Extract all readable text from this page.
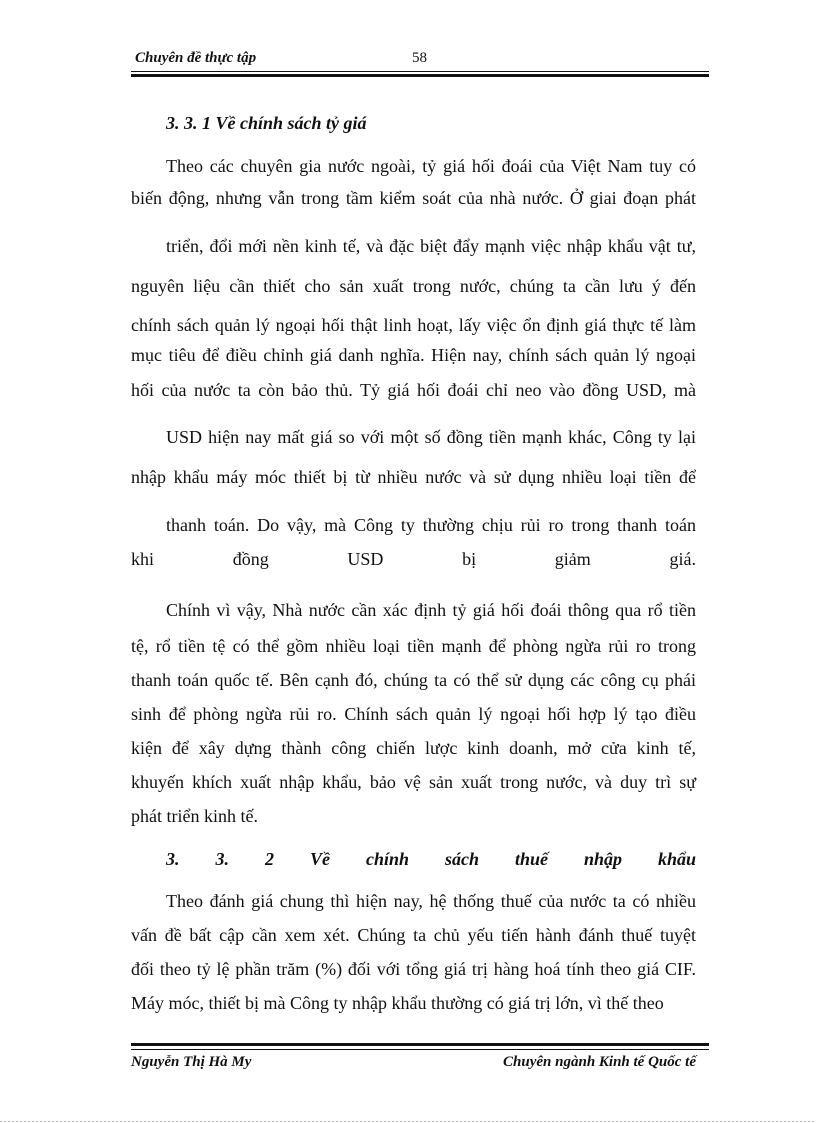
Chuyên đề thực tập	58
3. 3. 1 Về chính sách tỷ giá
Theo các chuyên gia nước ngoài, tỷ giá hối đoái của Việt Nam tuy có
biến động, nhưng vẫn trong tầm kiểm soát của nhà nước. Ở giai đoạn phát
triển, đổi mới nền kinh tế, và đặc biệt đẩy mạnh việc nhập khẩu vật tư,
nguyên liệu cần thiết cho sản xuất trong nước, chúng ta cần lưu ý đến
chính sách quản lý ngoại hối thật linh hoạt, lấy việc ổn định giá thực tế làm
mục tiêu để điều chỉnh giá danh nghĩa. Hiện nay, chính sách quản lý ngoại
hối của nước ta còn bảo thủ. Tỷ giá hối đoái chỉ neo vào đồng USD, mà
USD hiện nay mất giá so với một số đồng tiền mạnh khác, Công ty lại
nhập khẩu máy móc thiết bị từ nhiều nước và sử dụng nhiều loại tiền để
thanh toán. Do vậy, mà Công ty thường chịu rủi ro trong thanh toán
khi đồng USD bị giảm giá.
Chính vì vậy, Nhà nước cần xác định tỷ giá hối đoái thông qua rổ tiền
tệ, rổ tiền tệ có thể gồm nhiều loại tiền mạnh để phòng ngừa rủi ro trong
thanh toán quốc tế. Bên cạnh đó, chúng ta có thể sử dụng các công cụ phái
sinh để phòng ngừa rủi ro. Chính sách quản lý ngoại hối hợp lý tạo điều
kiện để xây dựng thành công chiến lược kinh doanh, mở cửa kinh tế,
khuyến khích xuất nhập khẩu, bảo vệ sản xuất trong nước, và duy trì sự
phát triển kinh tế.
3. 3. 2 Về chính sách thuế nhập khẩu
Theo đánh giá chung thì hiện nay, hệ thống thuế của nước ta có nhiều
vấn đề bất cập cần xem xét. Chúng ta chủ yếu tiến hành đánh thuế tuyệt
đối theo tỷ lệ phần trăm (%) đối với tổng giá trị hàng hoá tính theo giá CIF.
Máy móc, thiết bị mà Công ty nhập khẩu thường có giá trị lớn, vì thế theo
Nguyễn Thị Hà My	Chuyên ngành Kinh tế Quốc tế
